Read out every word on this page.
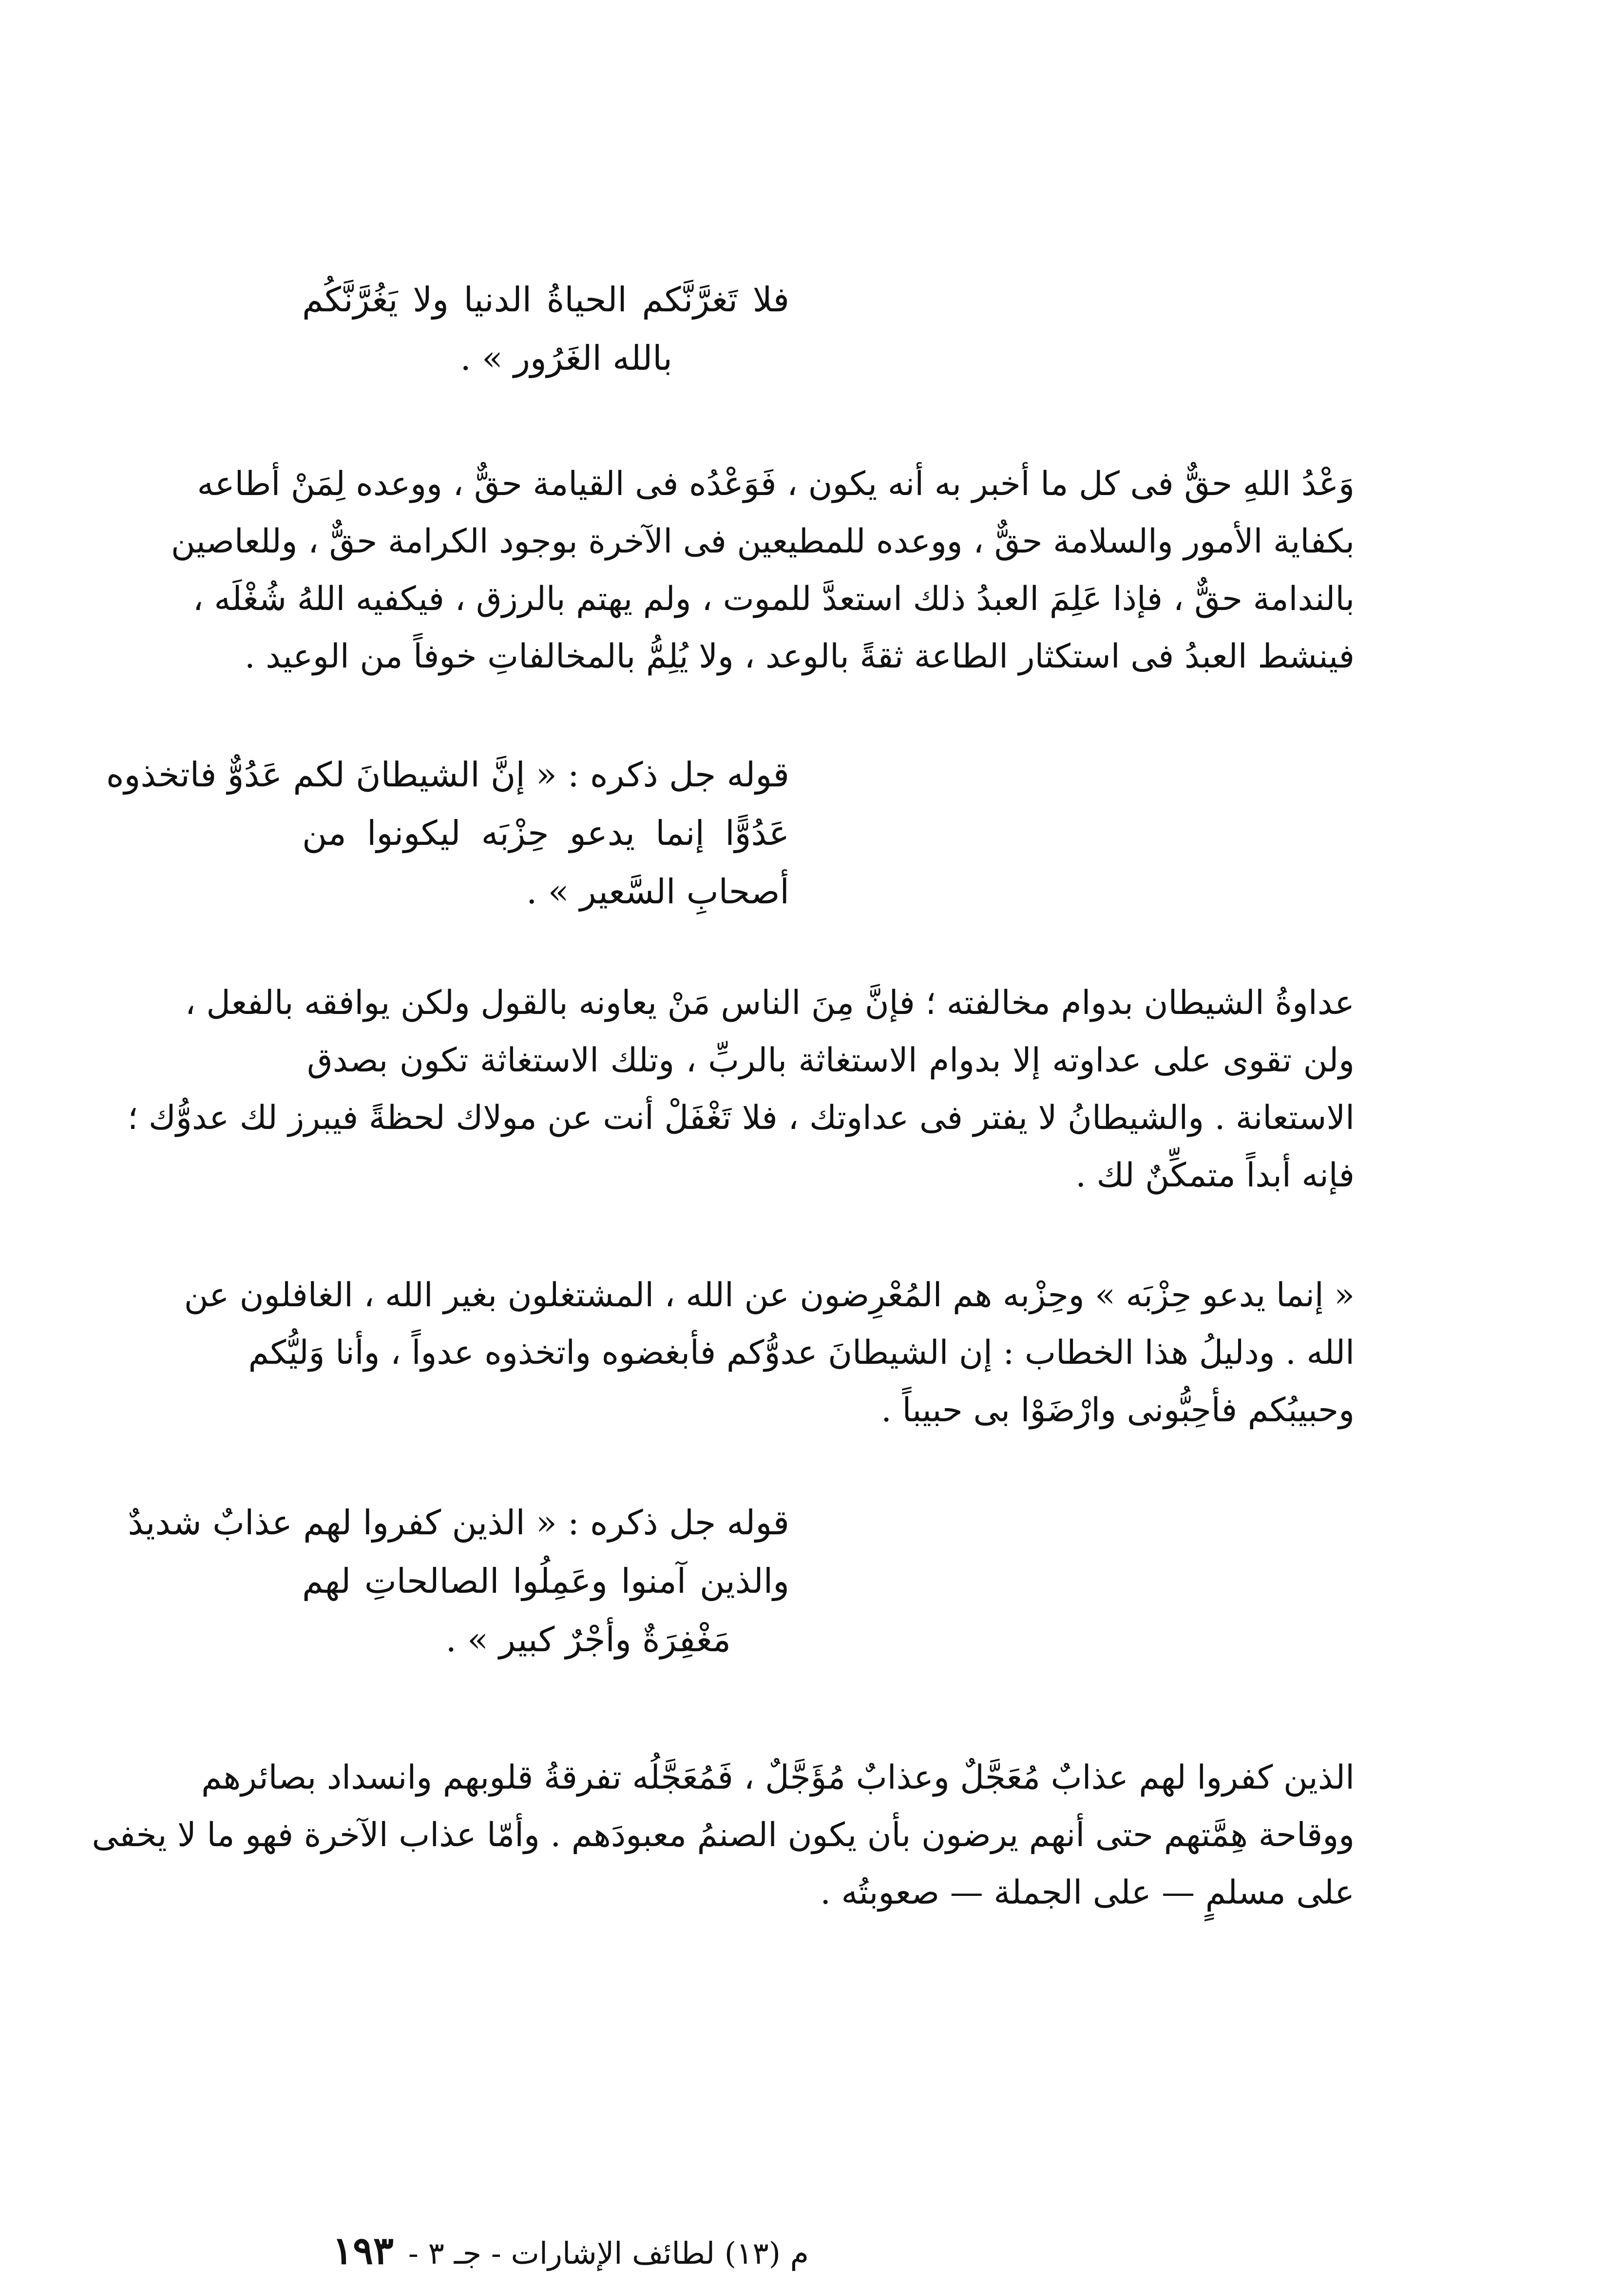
فلا تَغرَّنَّكم الحياةُ الدنيا ولا يَغُرَّنَّكُم
بالله الغَرُور » .
وَعْدُ اللهِ حقٌّ فى كل ما أخبر به أنه يكون ، فَوَعْدُه فى القيامة حقٌّ ، ووعده لِمَنْ أطاعه
بكفاية الأمور والسلامة حقٌّ ، ووعده للمطيعين فى الآخرة بوجود الكرامة حقٌّ ، وللعاصين
بالندامة حقٌّ ، فإذا عَلِمَ العبدُ ذلك استعدَّ للموت ، ولم يهتم بالرزق ، فيكفيه اللهُ شُغْلَه ،
فينشط العبدُ فى استكثار الطاعة ثقةً بالوعد ، ولا يُلِمُّ بالمخالفاتِ خوفاً من الوعيد .
قوله جل ذكره : « إنَّ الشيطانَ لكم عَدُوٌّ فاتخذوه
عَدُوًّا إنما يدعو حِزْبَه ليكونوا من
أصحابِ السَّعير » .
عداوةُ الشيطان بدوام مخالفته ؛ فإنَّ مِنَ الناس مَنْ يعاونه بالقول ولكن يوافقه بالفعل ،
ولن تقوى على عداوته إلا بدوام الاستغاثة بالربِّ ، وتلك الاستغاثة تكون بصدق
الاستعانة . والشيطانُ لا يفتر فى عداوتك ، فلا تَغْفَلْ أنت عن مولاك لحظةً فيبرز لك عدوُّك ؛
فإنه أبداً متمكِّنٌ لك .
« إنما يدعو حِزْبَه » وحِزْبه هم المُعْرِضون عن الله ، المشتغلون بغير الله ، الغافلون عن
الله . ودليلُ هذا الخطاب : إن الشيطانَ عدوُّكم فأبغضوه واتخذوه عدواً ، وأنا وَليُّكم
وحبيبُكم فأحِبُّونى وارْضَوْا بى حبيباً .
قوله جل ذكره : « الذين كفروا لهم عذابٌ شديدٌ
والذين آمنوا وعَمِلُوا الصالحاتِ لهم
مَغْفِرَةٌ وأجْرٌ كبير » .
الذين كفروا لهم عذابٌ مُعَجَّلٌ وعذابٌ مُؤَجَّلٌ ، فَمُعَجَّلُه تفرقةُ قلوبهم وانسداد بصائرهم
ووقاحة هِمَّتهم حتى أنهم يرضون بأن يكون الصنمُ معبودَهم . وأمّا عذاب الآخرة فهو ما لا يخفى
على مسلمٍ — على الجملة — صعوبتُه .
م (١٣) لطائف الإشارات - جـ ٣ -
١٩٣
